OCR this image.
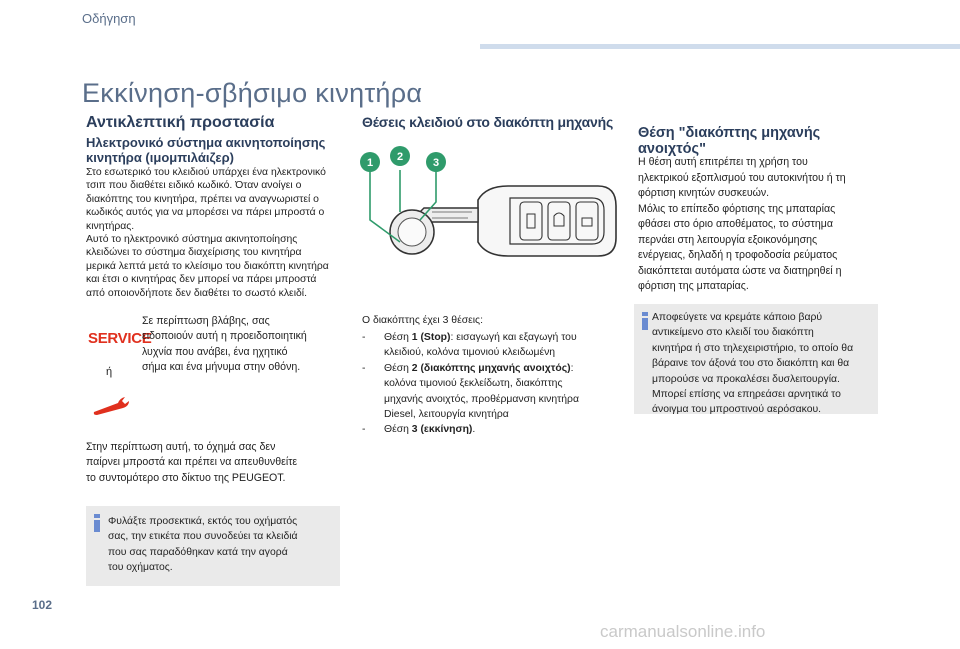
Οδήγηση
Εκκίνηση-σβήσιμο κινητήρα
Αντικλεπτική προστασία
Ηλεκτρονικό σύστημα ακινητοποίησης
κινητήρα (ιμομπιλάιζερ)
Στο εσωτερικό του κλειδιού υπάρχει ένα ηλεκτρονικό
τσιπ που διαθέτει ειδικό κωδικό. Όταν ανοίγει ο
διακόπτης του κινητήρα, πρέπει να αναγνωριστεί ο
κωδικός αυτός για να μπορέσει να πάρει μπροστά ο
κινητήρας.
Αυτό το ηλεκτρονικό σύστημα ακινητοποίησης
κλειδώνει το σύστημα διαχείρισης του κινητήρα
μερικά λεπτά μετά το κλείσιμο του διακόπτη κινητήρα
και έτσι ο κινητήρας δεν μπορεί να πάρει μπροστά
από οποιονδήποτε δεν διαθέτει το σωστό κλειδί.
SERVICE
ή
Σε περίπτωση βλάβης, σας
ειδοποιούν αυτή η προειδοποιητική
λυχνία που ανάβει, ένα ηχητικό
σήμα και ένα μήνυμα στην οθόνη.
Στην περίπτωση αυτή, το όχημά σας δεν
παίρνει μπροστά και πρέπει να απευθυνθείτε
το συντομότερο στο δίκτυο της PEUGEOT.
Φυλάξτε προσεκτικά, εκτός του οχήματός
σας, την ετικέτα που συνοδεύει τα κλειδιά
που σας παραδόθηκαν κατά την αγορά
του οχήματος.
Θέσεις κλειδιού στο διακόπτη μηχανής
1 2	3
Ο διακόπτης έχει 3 θέσεις:
-	Θέση 1 (Stop): εισαγωγή και εξαγωγή του
κλειδιού, κολόνα τιμονιού κλειδωμένη
-	Θέση 2 (διακόπτης μηχανής ανοιχτός):
κολόνα τιμονιού ξεκλείδωτη, διακόπτης
μηχανής ανοιχτός, προθέρμανση κινητήρα
Diesel, λειτουργία κινητήρα
-	Θέση 3 (εκκίνηση).
Θέση "διακόπτης μηχανής
ανοιχτός"
Η θέση αυτή επιτρέπει τη χρήση του
ηλεκτρικού εξοπλισμού του αυτοκινήτου ή τη
φόρτιση κινητών συσκευών.
Μόλις το επίπεδο φόρτισης της μπαταρίας
φθάσει στο όριο αποθέματος, το σύστημα
περνάει στη λειτουργία εξοικονόμησης
ενέργειας, δηλαδή η τροφοδοσία ρεύματος
διακόπτεται αυτόματα ώστε να διατηρηθεί η
φόρτιση της μπαταρίας.
Αποφεύγετε να κρεμάτε κάποιο βαρύ
αντικείμενο στο κλειδί του διακόπτη
κινητήρα ή στο τηλεχειριστήριο, το οποίο θα
βάραινε τον άξονά του στο διακόπτη και θα
μπορούσε να προκαλέσει δυσλειτουργία.
Μπορεί επίσης να επηρεάσει αρνητικά το
άνοιγμα του μπροστινού αερόσακου.
102
carmanualsonline.info
